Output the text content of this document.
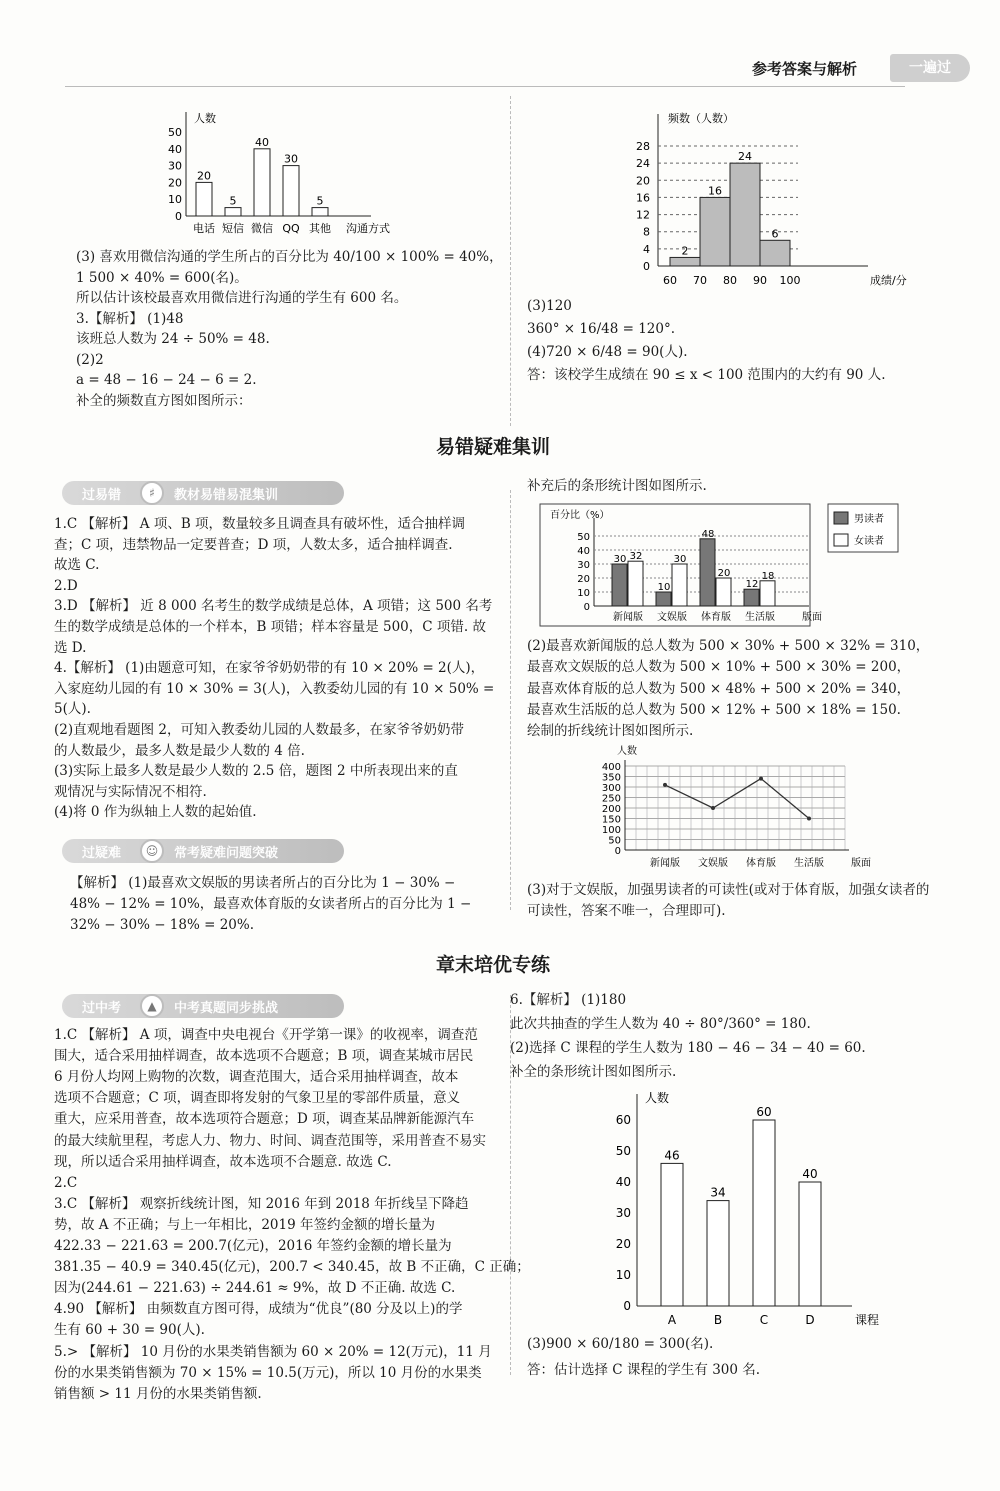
参考答案与解析	一遍过
人数
沟通方式
0
10
20
30
40
50
20
电话
5
短信
40
微信
30
QQ
5
其他
(3) 喜欢用微信沟通的学生所占的百分比为 40/100 × 100% = 40%，
1 500 × 40% = 600(名)。
所以估计该校最喜欢用微信进行沟通的学生有 600 名。
3.【解析】 (1)48
该班总人数为 24 ÷ 50% = 48.
(2)2
a = 48 − 16 − 24 − 6 = 2.
补全的频数直方图如图所示：
频数（人数）
成绩/分
0
4
8
12
16
20
24
28
60 70 80 90 100
2
16
24
6
(3)120
360° × 16/48 = 120°.
(4)720 × 6/48 = 90(人).
答：该校学生成绩在 90 ≤ x < 100 范围内的大约有 90 人.
易错疑难集训
过易错	♯	教材易错易混集训
1.C 【解析】 A 项、B 项，数量较多且调查具有破坏性，适合抽样调
查；C 项，违禁物品一定要普查；D 项，人数太多，适合抽样调查.
故选 C.
2.D
3.D 【解析】 近 8 000 名考生的数学成绩是总体，A 项错；这 500 名考
生的数学成绩是总体的一个样本，B 项错；样本容量是 500，C 项错. 故
选 D.
4.【解析】 (1)由题意可知，在家爷爷奶奶带的有 10 × 20% = 2(人)，
入家庭幼儿园的有 10 × 30% = 3(人)，入教委幼儿园的有 10 × 50% =
5(人).
(2)直观地看题图 2，可知入教委幼儿园的人数最多，在家爷爷奶奶带
的人数最少，最多人数是最少人数的 4 倍.
(3)实际上最多人数是最少人数的 2.5 倍，题图 2 中所表现出来的直
观情况与实际情况不相符.
(4)将 0 作为纵轴上人数的起始值.
过疑难	☺	常考疑难问题突破
【解析】 (1)最喜欢文娱版的男读者所占的百分比为 1 − 30% −
48% − 12% = 10%，最喜欢体育版的女读者所占的百分比为 1 −
32% − 30% − 18% = 20%.
补充后的条形统计图如图所示.
百分比（%）
版面
0
10
20
30
40
50
新闻版
30 32
文娱版
10
30
体育版
48
20
生活版
12
18
男读者
女读者
(2)最喜欢新闻版的总人数为 500 × 30% + 500 × 32% = 310，
最喜欢文娱版的总人数为 500 × 10% + 500 × 30% = 200，
最喜欢体育版的总人数为 500 × 48% + 500 × 20% = 340，
最喜欢生活版的总人数为 500 × 12% + 500 × 18% = 150.
绘制的折线统计图如图所示.
人数
版面
0
50
100
150
200
250
300
350
400
新闻版 文娱版 体育版 生活版
(3)对于文娱版，加强男读者的可读性(或对于体育版，加强女读者的
可读性，答案不唯一，合理即可).
章末培优专练
过中考	▲	中考真题同步挑战
1.C 【解析】 A 项，调查中央电视台《开学第一课》的收视率，调查范
围大，适合采用抽样调查，故本选项不合题意；B 项，调查某城市居民
6 月份人均网上购物的次数，调查范围大，适合采用抽样调查，故本
选项不合题意；C 项，调查即将发射的气象卫星的零部件质量，意义
重大，应采用普查，故本选项符合题意；D 项，调查某品牌新能源汽车
的最大续航里程，考虑人力、物力、时间、调查范围等，采用普查不易实
现，所以适合采用抽样调查，故本选项不合题意. 故选 C.
2.C
3.C 【解析】 观察折线统计图，知 2016 年到 2018 年折线呈下降趋
势，故 A 不正确；与上一年相比，2019 年签约金额的增长量为
422.33 − 221.63 = 200.7(亿元)，2016 年签约金额的增长量为
381.35 − 40.9 = 340.45(亿元)，200.7 < 340.45，故 B 不正确，C 正确；
因为(244.61 − 221.63) ÷ 244.61 ≈ 9%，故 D 不正确. 故选 C.
4.90 【解析】 由频数直方图可得，成绩为“优良”(80 分及以上)的学
生有 60 + 30 = 90(人).
5.> 【解析】 10 月份的水果类销售额为 60 × 20% = 12(万元)，11 月
份的水果类销售额为 70 × 15% = 10.5(万元)，所以 10 月份的水果类
销售额 > 11 月份的水果类销售额.
6.【解析】 (1)180
此次共抽查的学生人数为 40 ÷ 80°/360° = 180.
(2)选择 C 课程的学生人数为 180 − 46 − 34 − 40 = 60.
补全的条形统计图如图所示.
人数
课程
0
10
20
30
40
50
60
46
A
34
B
60
C
40
D
(3)900 × 60/180 = 300(名).
答：估计选择 C 课程的学生有 300 名.
